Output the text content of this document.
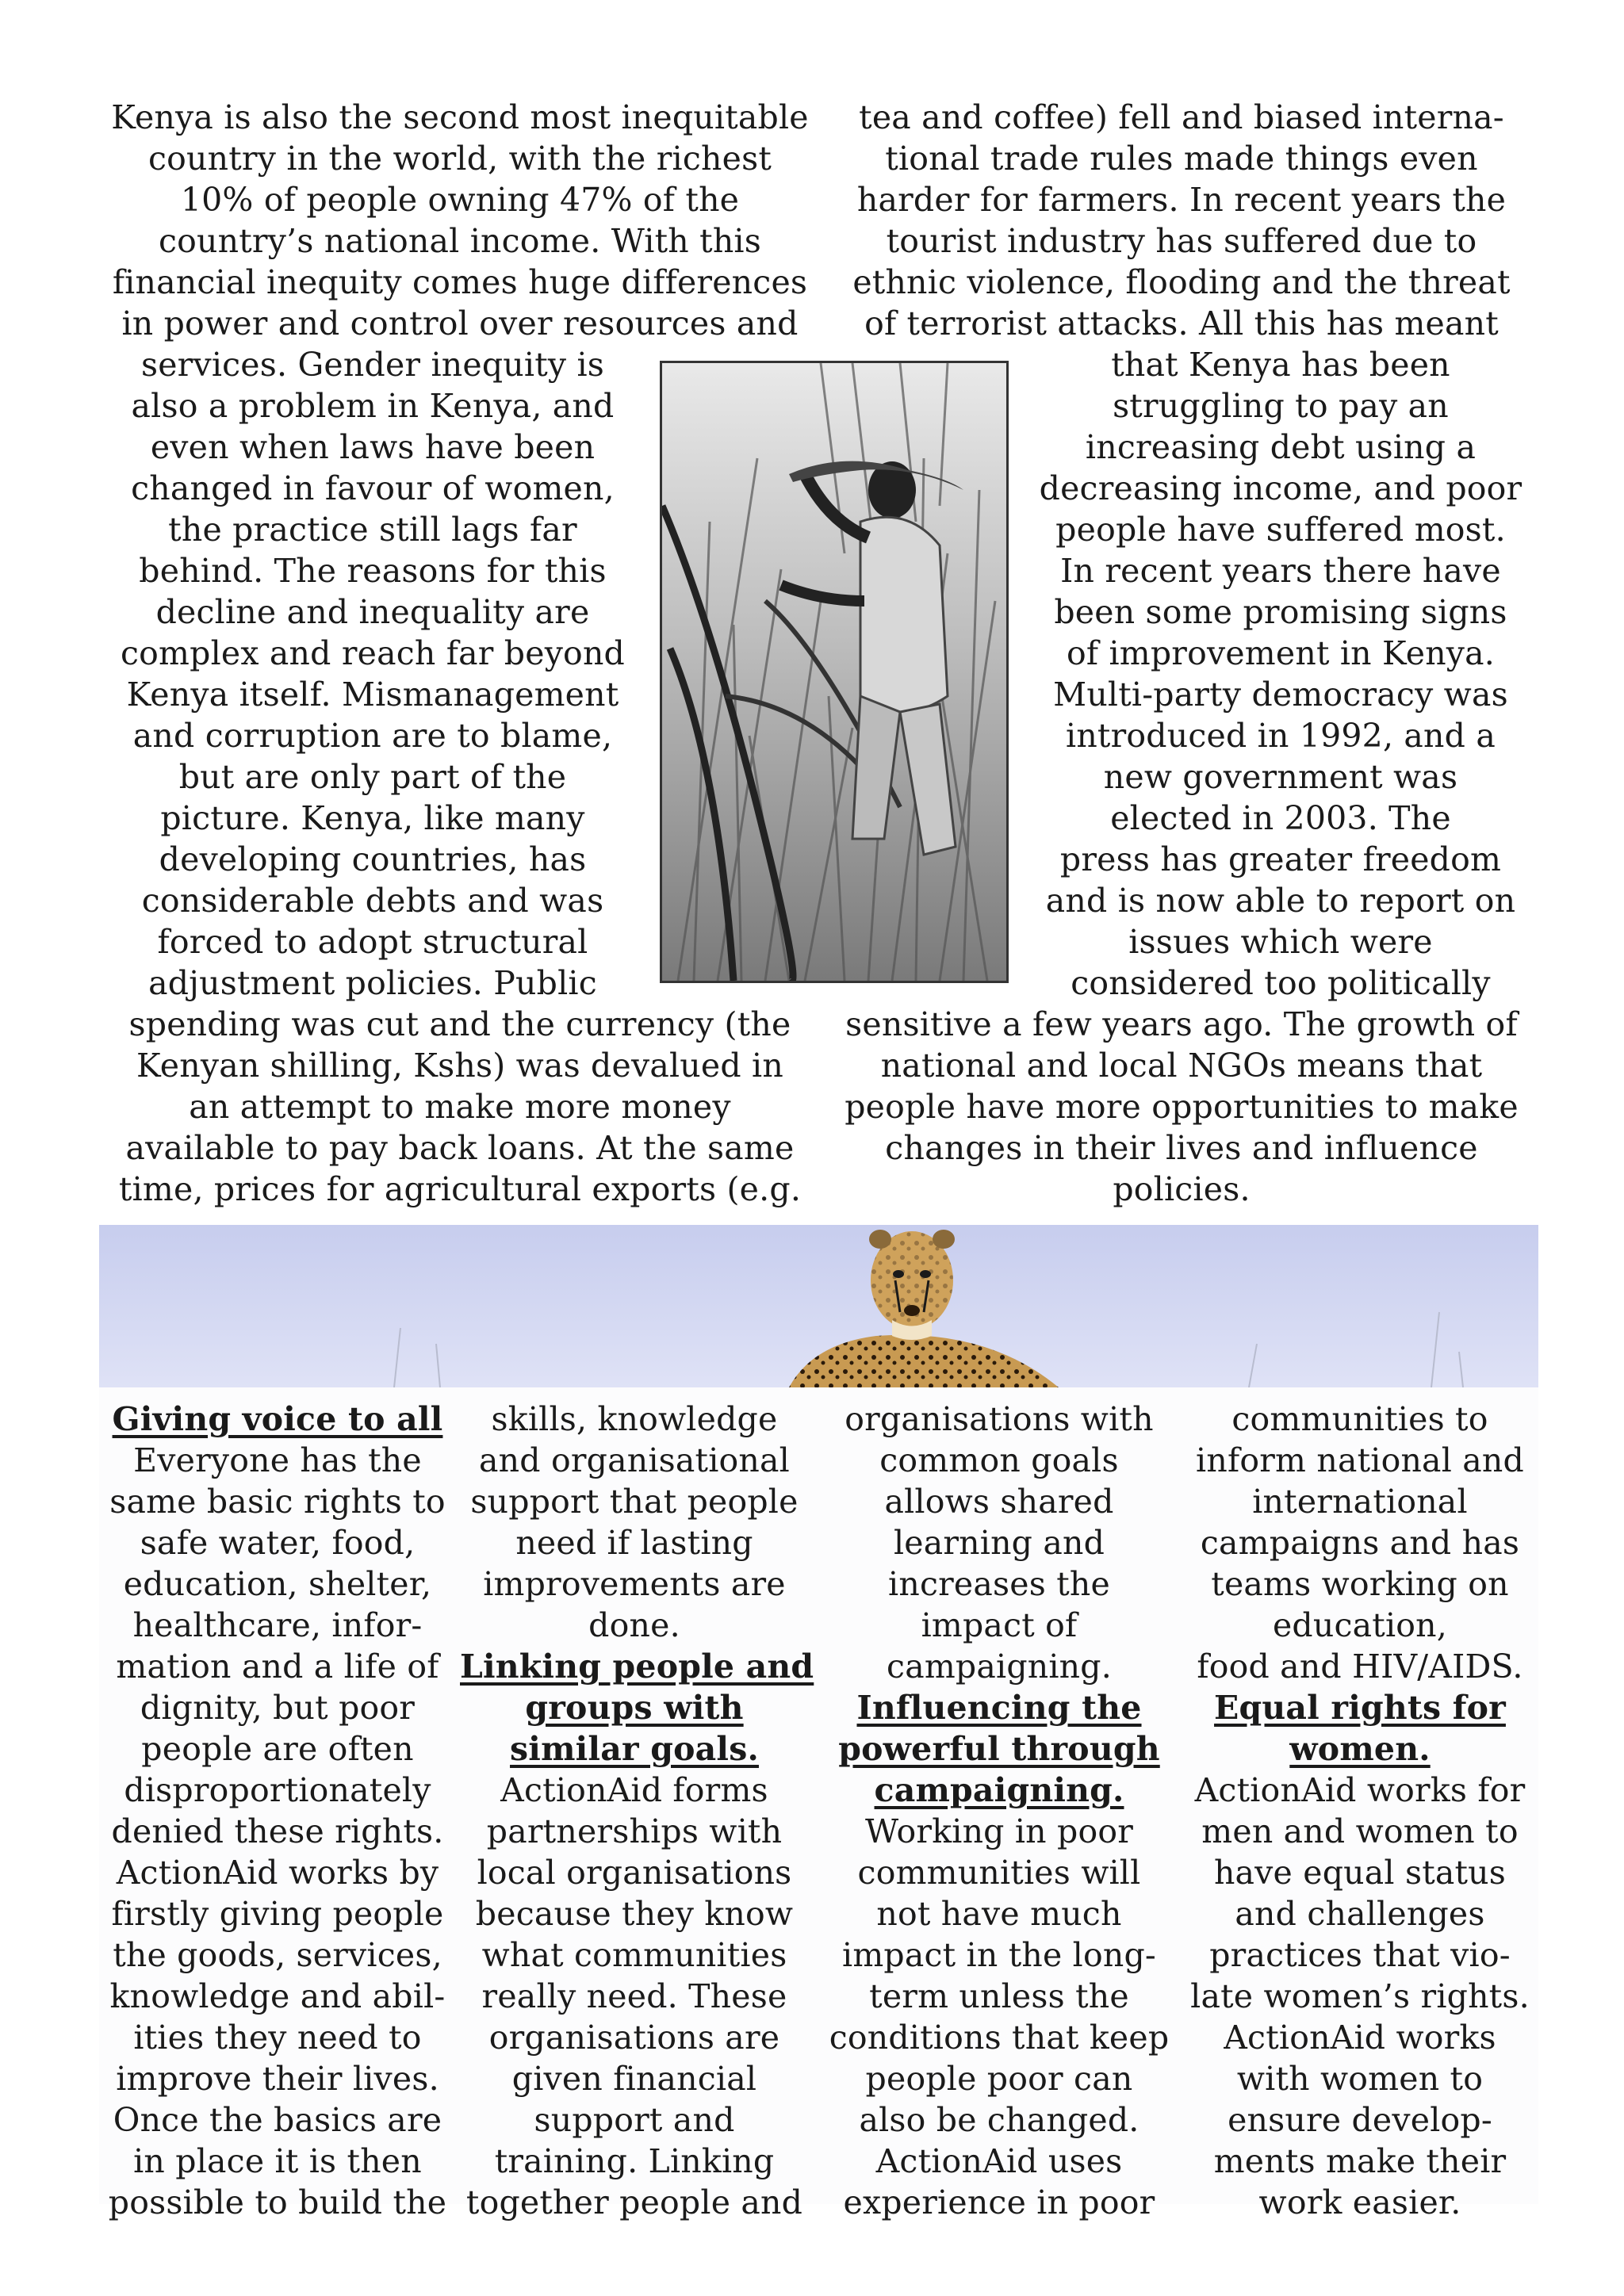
Kenya is also the second most inequitable
country in the world, with the richest
10% of people owning 47% of the
country’s national income. With this
financial inequity comes huge differences
in power and control over resources and
services. Gender inequity is
also a problem in Kenya, and
even when laws have been
changed in favour of women,
the practice still lags far
behind. The reasons for this
decline and inequality are
complex and reach far beyond
Kenya itself. Mismanagement
and corruption are to blame,
but are only part of the
picture. Kenya, like many
developing countries, has
considerable debts and was
forced to adopt structural
adjustment policies. Public
spending was cut and the currency (the
Kenyan shilling, Kshs) was devalued in
an attempt to make more money
available to pay back loans. At the same
time, prices for agricultural exports (e.g.
tea and coffee) fell and biased interna-
tional trade rules made things even
harder for farmers. In recent years the
tourist industry has suffered due to
ethnic violence, flooding and the threat
of terrorist attacks. All this has meant
that Kenya has been
struggling to pay an
increasing debt using a
decreasing income, and poor
people have suffered most.
In recent years there have
been some promising signs
of improvement in Kenya.
Multi-party democracy was
introduced in 1992, and a
new government was
elected in 2003. The
press has greater freedom
and is now able to report on
issues which were
considered too politically
sensitive a few years ago. The growth of
national and local NGOs means that
people have more opportunities to make
changes in their lives and influence
policies.
Giving voice to all
Everyone has the
same basic rights to
safe water, food,
education, shelter,
healthcare, infor-
mation and a life of
dignity, but poor
people are often
disproportionately
denied these rights.
ActionAid works by
firstly giving people
the goods, services,
knowledge and abil-
ities they need to
improve their lives.
Once the basics are
in place it is then
possible to build the
skills, knowledge
and organisational
support that people
need if lasting
improvements are
done.
Linking people and
groups with
similar goals.
ActionAid forms
partnerships with
local organisations
because they know
what communities
really need. These
organisations are
given financial
support and
training. Linking
together people and
organisations with
common goals
allows shared
learning and
increases the
impact of
campaigning.
Influencing the
powerful through
campaigning.
Working in poor
communities will
not have much
impact in the long-
term unless the
conditions that keep
people poor can
also be changed.
ActionAid uses
experience in poor
communities to
inform national and
international
campaigns and has
teams working on
education,
food and HIV/AIDS.
Equal rights for
women.
ActionAid works for
men and women to
have equal status
and challenges
practices that vio-
late women’s rights.
ActionAid works
with women to
ensure develop-
ments make their
work easier.
